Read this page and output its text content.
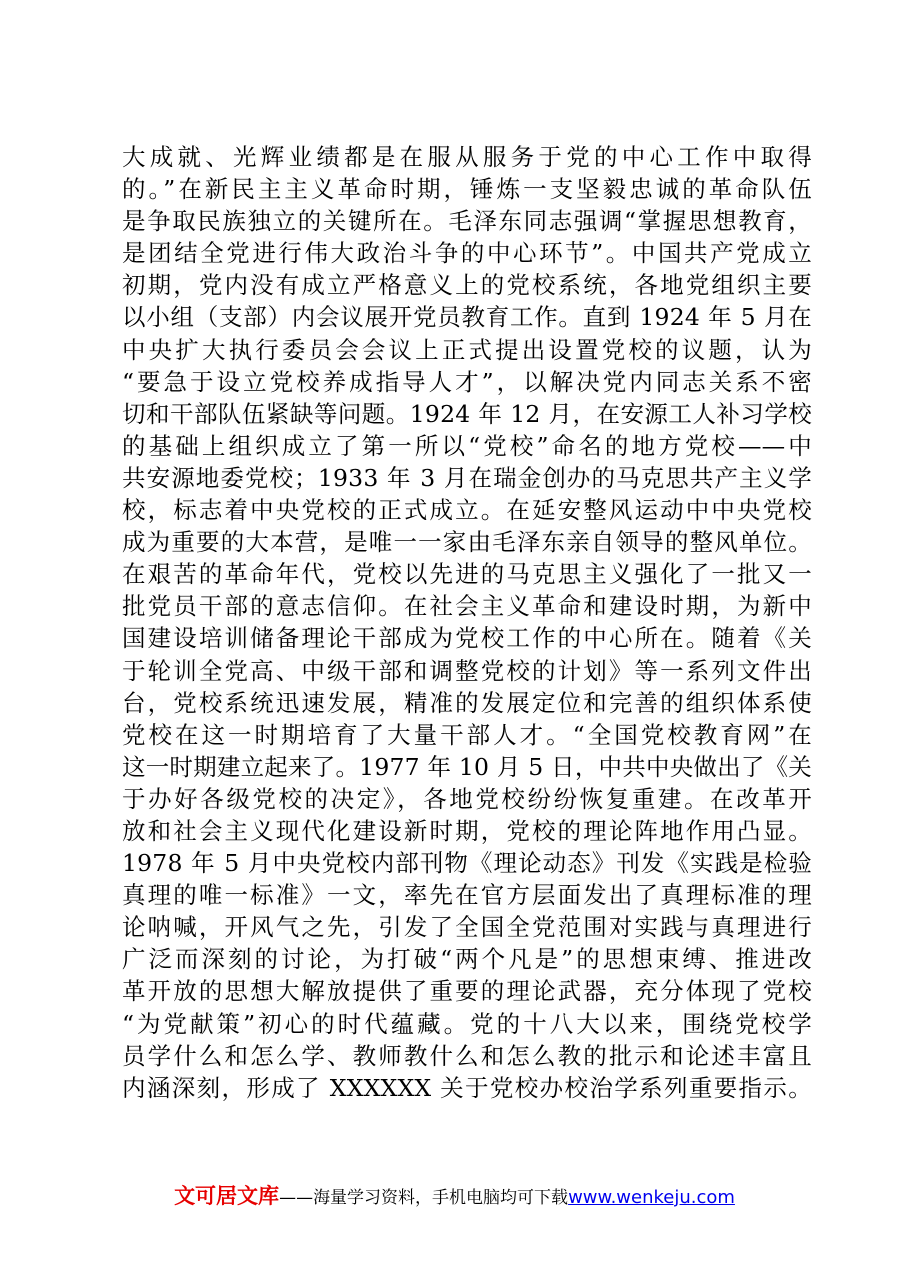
大成就、光辉业绩都是在服从服务于党的中心工作中取得
的。”在新民主主义革命时期，锤炼一支坚毅忠诚的革命队伍
是争取民族独立的关键所在。毛泽东同志强调“掌握思想教育，
是团结全党进行伟大政治斗争的中心环节”。中国共产党成立
初期，党内没有成立严格意义上的党校系统，各地党组织主要
以小组（支部）内会议展开党员教育工作。直到 1924 年 5 月在
中央扩大执行委员会会议上正式提出设置党校的议题，认为
“要急于设立党校养成指导人才”，以解决党内同志关系不密
切和干部队伍紧缺等问题。1924 年 12 月，在安源工人补习学校
的基础上组织成立了第一所以“党校”命名的地方党校——中
共安源地委党校；1933 年 3 月在瑞金创办的马克思共产主义学
校，标志着中央党校的正式成立。在延安整风运动中中央党校
成为重要的大本营，是唯一一家由毛泽东亲自领导的整风单位。
在艰苦的革命年代，党校以先进的马克思主义强化了一批又一
批党员干部的意志信仰。在社会主义革命和建设时期，为新中
国建设培训储备理论干部成为党校工作的中心所在。随着《关
于轮训全党高、中级干部和调整党校的计划》等一系列文件出
台，党校系统迅速发展，精准的发展定位和完善的组织体系使
党校在这一时期培育了大量干部人才。“全国党校教育网”在
这一时期建立起来了。1977 年 10 月 5 日，中共中央做出了《关
于办好各级党校的决定》，各地党校纷纷恢复重建。在改革开
放和社会主义现代化建设新时期，党校的理论阵地作用凸显。
1978 年 5 月中央党校内部刊物《理论动态》刊发《实践是检验
真理的唯一标准》一文，率先在官方层面发出了真理标准的理
论呐喊，开风气之先，引发了全国全党范围对实践与真理进行
广泛而深刻的讨论，为打破“两个凡是”的思想束缚、推进改
革开放的思想大解放提供了重要的理论武器，充分体现了党校
“为党献策”初心的时代蕴藏。党的十八大以来，围绕党校学
员学什么和怎么学、教师教什么和怎么教的批示和论述丰富且
内涵深刻，形成了 XXXXXX 关于党校办校治学系列重要指示。
文可居文库——海量学习资料，手机电脑均可下载www.wenkeju.com
